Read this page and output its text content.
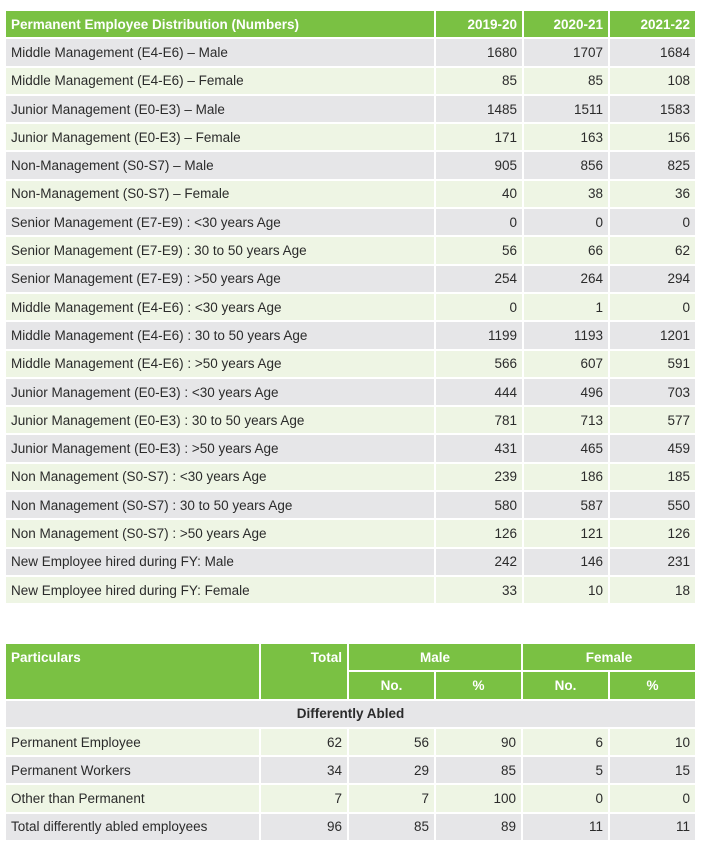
Permanent Employee Distribution (Numbers)	2019-20	2020-21	2021-22
Middle Management (E4-E6) – Male	1680	1707	1684
Middle Management (E4-E6) – Female	85	85	108
Junior Management (E0-E3) – Male	1485	1511	1583
Junior Management (E0-E3) – Female	171	163	156
Non-Management (S0-S7) – Male	905	856	825
Non-Management (S0-S7) – Female	40	38	36
Senior Management (E7-E9) : <30 years Age	0	0	0
Senior Management (E7-E9) : 30 to 50 years Age	56	66	62
Senior Management (E7-E9) : >50 years Age	254	264	294
Middle Management (E4-E6) : <30 years Age	0	1	0
Middle Management (E4-E6) : 30 to 50 years Age	1199	1193	1201
Middle Management (E4-E6) : >50 years Age	566	607	591
Junior Management (E0-E3) : <30 years Age	444	496	703
Junior Management (E0-E3) : 30 to 50 years Age	781	713	577
Junior Management (E0-E3) : >50 years Age	431	465	459
Non Management (S0-S7) : <30 years Age	239	186	185
Non Management (S0-S7) : 30 to 50 years Age	580	587	550
Non Management (S0-S7) : >50 years Age	126	121	126
New Employee hired during FY: Male	242	146	231
New Employee hired during FY: Female	33	10	18
Particulars	Total	Male		Female	
		No.	%	No.	%
Differently Abled					
Permanent Employee	62	56	90	6	10
Permanent Workers	34	29	85	5	15
Other than Permanent	7	7	100	0	0
Total differently abled employees	96	85	89	11	11
